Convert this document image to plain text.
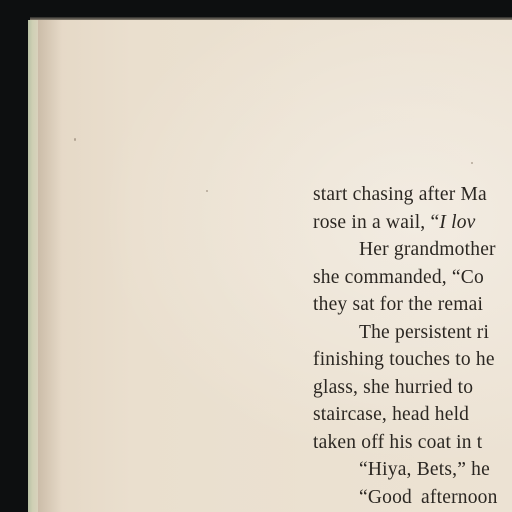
start chasing after Ma
rose in a wail, “I lov
Her grandmother
she commanded, “Co
they sat for the remai
The persistent ri
finishing touches to he
glass, she hurried to
staircase, head held
taken off his coat in t
“Hiya, Bets,” he
“Good afternoon
